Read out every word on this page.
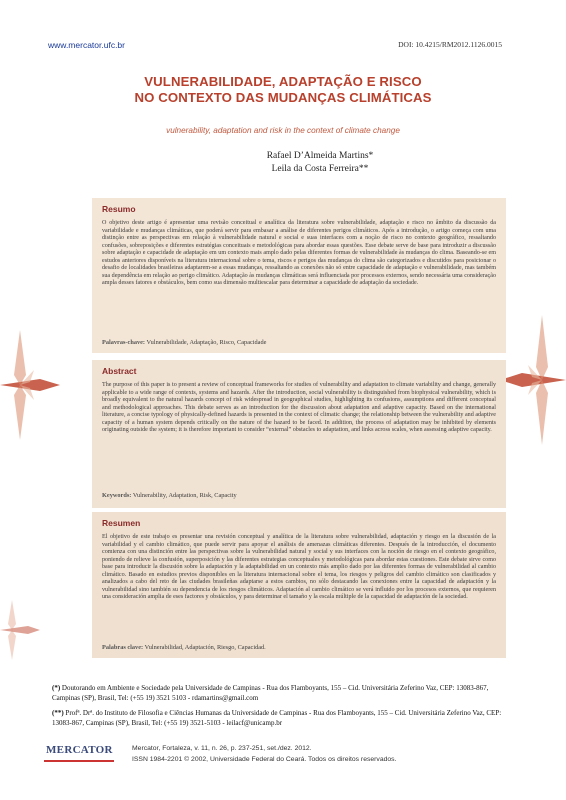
www.mercator.ufc.br	DOI: 10.4215/RM2012.1126.0015
VULNERABILIDADE, ADAPTAÇÃO E RISCO
NO CONTEXTO DAS MUDANÇAS CLIMÁTICAS
vulnerability, adaptation and risk in the context of climate change
Rafael D’Almeida Martins*
Leila da Costa Ferreira**
Resumo
O objetivo deste artigo é apresentar uma revisão conceitual e analítica da literatura sobre vulnerabilidade, adaptação e risco no âmbito da discussão da variabilidade e mudanças climáticas, que poderá servir para embasar a análise de diferentes perigos climáticos. Após a introdução, o artigo começa com uma distinção entre as perspectivas em relação à vulnerabilidade natural e social e suas interfaces com a noção de risco no contexto geográfico, ressaltando confusões, sobreposições e diferentes estratégias conceituais e metodológicas para abordar essas questões. Esse debate serve de base para introduzir a discussão sobre adaptação e capacidade de adaptação em um contexto mais amplo dado pelas diferentes formas de vulnerabilidade às mudanças do clima. Baseando-se em estudos anteriores disponíveis na literatura internacional sobre o tema, riscos e perigos das mudanças do clima são categorizados e discutidos para posicionar o desafio de localidades brasileiras adaptarem-se a essas mudanças, ressaltando as conexões não só entre capacidade de adaptação e vulnerabilidade, mas também sua dependência em relação ao perigo climático. Adaptação às mudanças climáticas será influenciada por processos externos, sendo necessária uma consideração ampla desses fatores e obstáculos, bem como sua dimensão multiescalar para determinar a capacidade de adaptação da sociedade.
Palavras-chave: Vulnerabilidade, Adaptação, Risco, Capacidade
Abstract
The purpose of this paper is to present a review of conceptual frameworks for studies of vulnerability and adaptation to climate variability and change, generally applicable to a wide range of contexts, systems and hazards. After the introduction, social vulnerability is distinguished from biophysical vulnerability, which is broadly equivalent to the natural hazards concept of risk widespread in geographical studies, highlighting its confusions, assumptions and different conceptual and methodological approaches. This debate serves as an introduction for the discussion about adaptation and adaptive capacity. Based on the international literature, a concise typology of physically-defined hazards is presented in the context of climatic change; the relationship between the vulnerability and adaptive capacity of a human system depends critically on the nature of the hazard to be faced. In addition, the process of adaptation may be inhibited by elements originating outside the system; it is therefore important to consider “external” obstacles to adaptation, and links across scales, when assessing adaptive capacity.
Keywords: Vulnerability, Adaptation, Risk, Capacity
Resumen
El objetivo de este trabajo es presentar una revisión conceptual y analítica de la literatura sobre vulnerabilidad, adaptación y riesgo en la discusión de la variabilidad y el cambio climático, que puede servir para apoyar el análisis de amenazas climáticas diferentes. Después de la introducción, el documento comienza con una distinción entre las perspectivas sobre la vulnerabilidad natural y social y sus interfaces con la noción de riesgo en el contexto geográfico, poniendo de relieve la confusión, superposición y las diferentes estrategias conceptuales y metodológicas para abordar estas cuestiones. Este debate sirve como base para introducir la discusión sobre la adaptación y la adaptabilidad en un contexto más amplio dado por las diferentes formas de vulnerabilidad al cambio climático. Basado en estudios previos disponibles en la literatura internacional sobre el tema, los riesgos y peligros del cambio climático son clasificados y analizados a cabo del reto de las ciudades brasileñas adaptarse a estos cambios, no sólo destacando las conexiones entre la capacidad de adaptación y la vulnerabilidad sino también su dependencia de los riesgos climáticos. Adaptación al cambio climático se verá influido por los procesos externos, que requieren una consideración amplia de eses factores y obstáculos, y para determinar el tamaño y la escala múltiple de la capacidad de adaptación de la sociedad.
Palabras clave: Vulnerabilidad, Adaptación, Riesgo, Capacidad.
(*) Doutorando em Ambiente e Sociedade pela Universidade de Campinas - Rua dos Flamboyants, 155 – Cid. Universitária Zeferino Vaz, CEP: 13083-867, Campinas (SP), Brasil, Tel: (+55 19) 3521 5103 - rdamartins@gmail.com
(**) Profª. Drª. do Instituto de Filosofia e Ciências Humanas da Universidade de Campinas - Rua dos Flamboyants, 155 – Cid. Universitária Zeferino Vaz, CEP: 13083-867, Campinas (SP), Brasil, Tel: (+55 19) 3521-5103 - leilacf@unicamp.br
MERCATOR	Mercator, Fortaleza, v. 11, n. 26, p. 237-251, set./dez. 2012.
ISSN 1984-2201 © 2002, Universidade Federal do Ceará. Todos os direitos reservados.
